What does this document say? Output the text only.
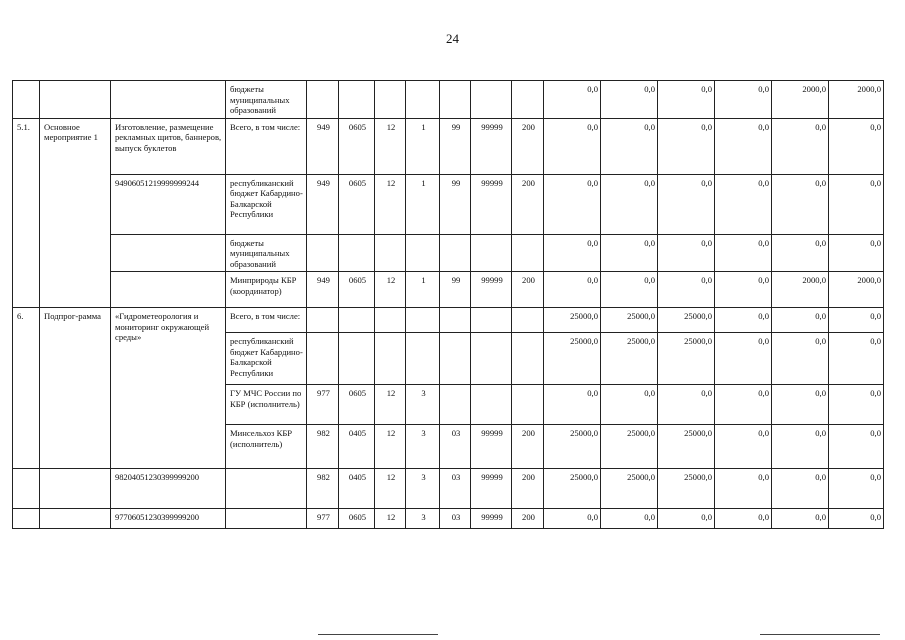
24
			бюджеты муниципальных образований								0,0	0,0	0,0	0,0	2000,0	2000,0
5.1.	Основное мероприятие 1	Изготовление, размещение рекламных щитов, баннеров, выпуск буклетов	Всего, в том числе:	949	0605	12	1	99	99999	200	0,0	0,0	0,0	0,0	0,0	0,0
		94906051219999999244	республиканский бюджет Кабардино-Балкарской Республики	949	0605	12	1	99	99999	200	0,0	0,0	0,0	0,0	0,0	0,0
			бюджеты муниципальных образований								0,0	0,0	0,0	0,0	0,0	0,0
			Минприроды КБР (координатор)	949	0605	12	1	99	99999	200	0,0	0,0	0,0	0,0	2000,0	2000,0
6.	Подпрог-рамма	«Гидрометеорология и мониторинг окружающей среды»	Всего, в том числе:								25000,0	25000,0	25000,0	0,0	0,0	0,0
			республиканский бюджет Кабардино-Балкарской Республики								25000,0	25000,0	25000,0	0,0	0,0	0,0
			ГУ МЧС России по КБР (исполнитель)	977	0605	12	3				0,0	0,0	0,0	0,0	0,0	0,0
			Минсельхоз КБР (исполнитель)	982	0405	12	3	03	99999	200	25000,0	25000,0	25000,0	0,0	0,0	0,0
		98204051230399999200		982	0405	12	3	03	99999	200	25000,0	25000,0	25000,0	0,0	0,0	0,0
		97706051230399999200		977	0605	12	3	03	99999	200	0,0	0,0	0,0	0,0	0,0	0,0
